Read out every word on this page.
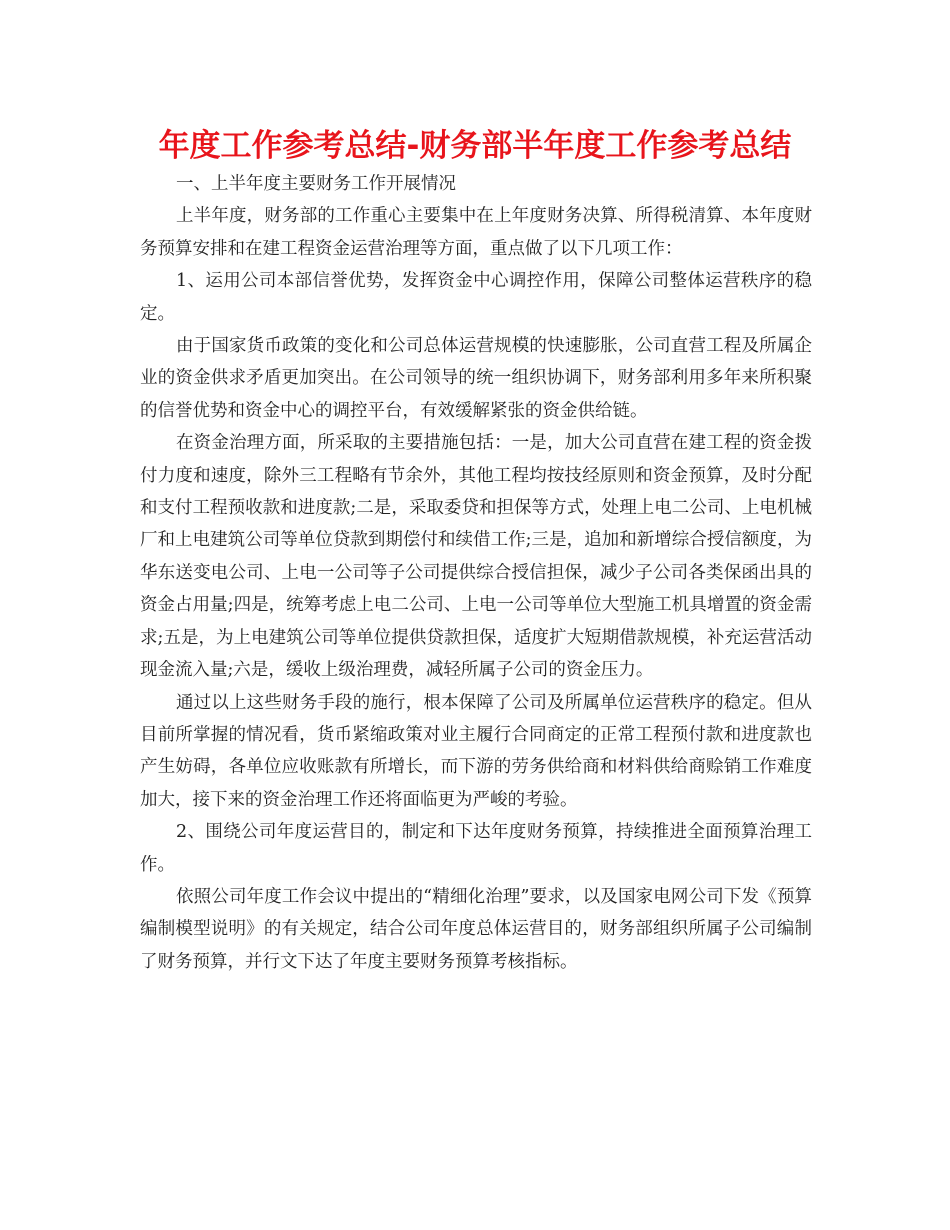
年度工作参考总结-财务部半年度工作参考总结

一、上半年度主要财务工作开展情况

上半年度，财务部的工作重心主要集中在上年度财务决算、所得税清算、本年度财务预算安排和在建工程资金运营治理等方面，重点做了以下几项工作：

1、运用公司本部信誉优势，发挥资金中心调控作用，保障公司整体运营秩序的稳定。

由于国家货币政策的变化和公司总体运营规模的快速膨胀，公司直营工程及所属企业的资金供求矛盾更加突出。在公司领导的统一组织协调下，财务部利用多年来所积聚的信誉优势和资金中心的调控平台，有效缓解紧张的资金供给链。

在资金治理方面，所采取的主要措施包括：一是，加大公司直营在建工程的资金拨付力度和速度，除外三工程略有节余外，其他工程均按技经原则和资金预算，及时分配和支付工程预收款和进度款;二是，采取委贷和担保等方式，处理上电二公司、上电机械厂和上电建筑公司等单位贷款到期偿付和续借工作;三是，追加和新增综合授信额度，为华东送变电公司、上电一公司等子公司提供综合授信担保，减少子公司各类保函出具的资金占用量;四是，统筹考虑上电二公司、上电一公司等单位大型施工机具增置的资金需求;五是，为上电建筑公司等单位提供贷款担保，适度扩大短期借款规模，补充运营活动现金流入量;六是，缓收上级治理费，减轻所属子公司的资金压力。

通过以上这些财务手段的施行，根本保障了公司及所属单位运营秩序的稳定。但从目前所掌握的情况看，货币紧缩政策对业主履行合同商定的正常工程预付款和进度款也产生妨碍，各单位应收账款有所增长，而下游的劳务供给商和材料供给商赊销工作难度加大，接下来的资金治理工作还将面临更为严峻的考验。

2、围绕公司年度运营目的，制定和下达年度财务预算，持续推进全面预算治理工作。

依照公司年度工作会议中提出的“精细化治理”要求，以及国家电网公司下发《预算编制模型说明》的有关规定，结合公司年度总体运营目的，财务部组织所属子公司编制了财务预算，并行文下达了年度主要财务预算考核指标。
